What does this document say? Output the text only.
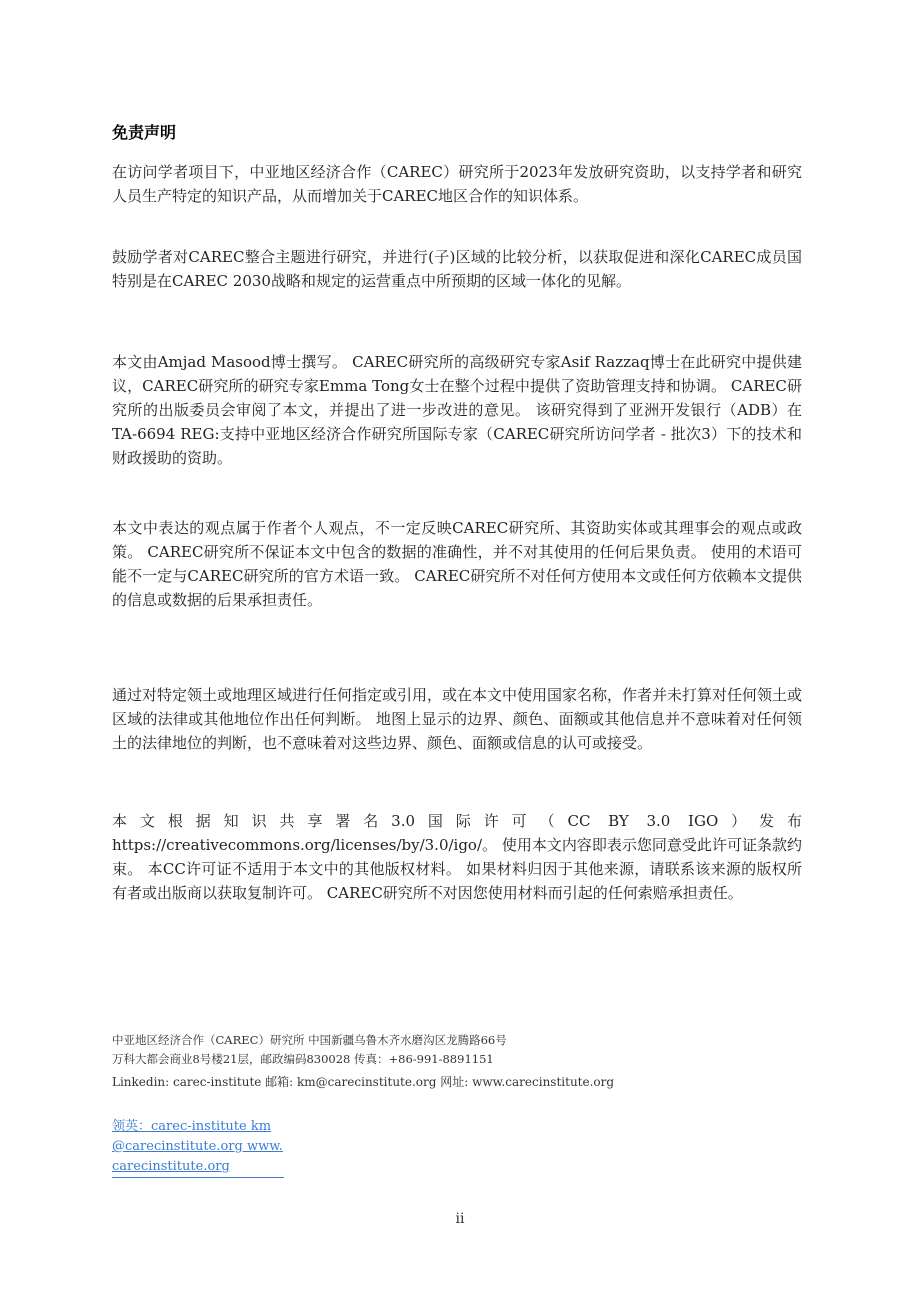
免责声明
在访问学者项目下，中亚地区经济合作（CAREC）研究所于2023年发放研究资助，以支持学者和研究人员生产特定的知识产品，从而增加关于CAREC地区合作的知识体系。
鼓励学者对CAREC整合主题进行研究，并进行(子)区域的比较分析，以获取促进和深化CAREC成员国特别是在CAREC 2030战略和规定的运营重点中所预期的区域一体化的见解。
本文由Amjad Masood博士撰写。 CAREC研究所的高级研究专家Asif Razzaq博士在此研究中提供建议，CAREC研究所的研究专家Emma Tong女士在整个过程中提供了资助管理支持和协调。 CAREC研究所的出版委员会审阅了本文，并提出了进一步改进的意见。 该研究得到了亚洲开发银行（ADB）在TA-6694 REG:支持中亚地区经济合作研究所国际专家（CAREC研究所访问学者 - 批次3）下的技术和财政援助的资助。
本文中表达的观点属于作者个人观点，不一定反映CAREC研究所、其资助实体或其理事会的观点或政策。 CAREC研究所不保证本文中包含的数据的准确性，并不对其使用的任何后果负责。 使用的术语可能不一定与CAREC研究所的官方术语一致。 CAREC研究所不对任何方使用本文或任何方依赖本文提供的信息或数据的后果承担责任。
通过对特定领土或地理区域进行任何指定或引用，或在本文中使用国家名称，作者并未打算对任何领土或区域的法律或其他地位作出任何判断。 地图上显示的边界、颜色、面额或其他信息并不意味着对任何领土的法律地位的判断，也不意味着对这些边界、颜色、面额或信息的认可或接受。
本文根据知识共享署名3.0国际许可（CC BY 3.0 IGO）发布 https://creativecommons.org/licenses/by/3.0/igo/。 使用本文内容即表示您同意受此许可证条款约束。 本CC许可证不适用于本文中的其他版权材料。 如果材料归因于其他来源，请联系该来源的版权所有者或出版商以获取复制许可。 CAREC研究所不对因您使用材料而引起的任何索赔承担责任。
中亚地区经济合作（CAREC）研究所 中国新疆乌鲁木齐水磨沟区龙腾路66号
万科大都会商业8号楼21层，邮政编码830028 传真：+86-991-8891151
Linkedin: carec-institute 邮箱: km@carecinstitute.org 网址: www.carecinstitute.org
领英：carec-institute km@carecinstitute.org www.carecinstitute.org
ii
